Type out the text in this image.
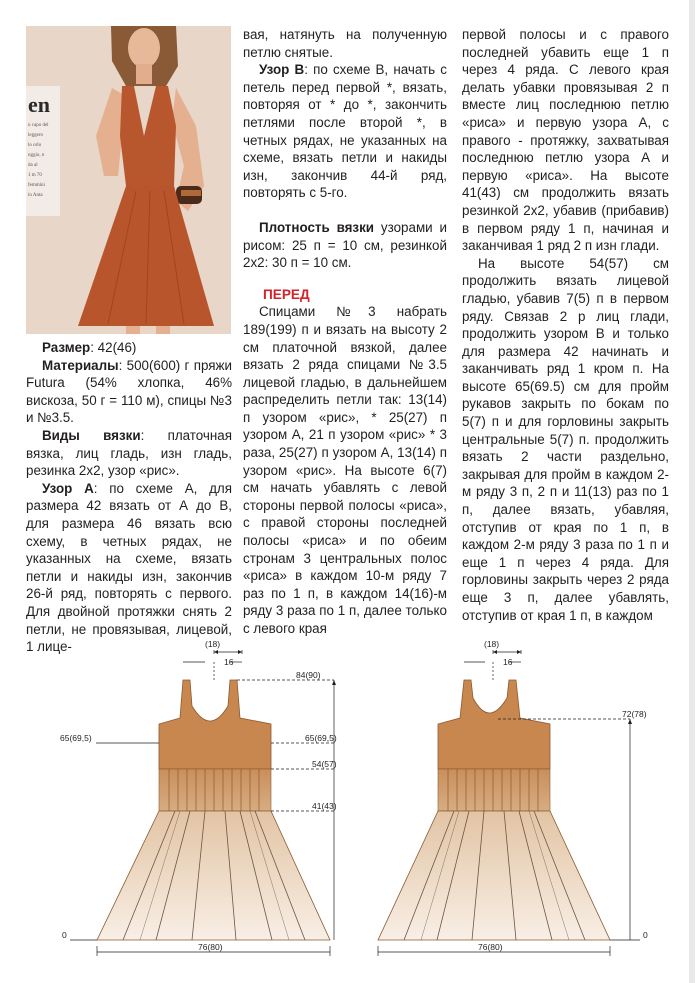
en
u capo del
leggero
lo orlo
nggio, n
da al
1 m 70
femmini
in Anta

Размер: 42(46)

Материалы: 500(600) г пряжи Futura (54% хлопка, 46% вискоза, 50 г = 110 м), спицы №3 и №3.5.

Виды вязки: платочная вязка, лиц гладь, изн гладь, резинка 2х2, узор «рис».

Узор А: по схеме А, для размера 42 вязать от А до В, для размера 46 вязать всю схему, в четных рядах, не указанных на схеме, вязать петли и накиды изн, закончив 26-й ряд, повторять с первого. Для двойной протяжки снять 2 петли, не провязывая, лицевой, 1 лице-

вая, натянуть на полученную петлю снятые.

Узор В: по схеме В, начать с петель перед первой *, вязать, повторяя от * до *, закончить петлями после второй *, в четных рядах, не указанных на схеме, вязать петли и накиды изн, закончив 44-й ряд, повторять с 5-го.

Плотность вязки узорами и рисом: 25 п = 10 см, резинкой 2х2: 30 п = 10 см.

ПЕРЕД

Спицами №3 набрать 189(199) п и вязать на высоту 2 см платочной вязкой, далее вязать 2 ряда спицами №3.5 лицевой гладью, в дальнейшем распределить петли так: 13(14) п узором «рис», * 25(27) п узором А, 21 п узором «рис» * 3 раза, 25(27) п узором А, 13(14) п узором «рис». На высоте 6(7) см начать убавлять с левой стороны первой полосы «риса», с правой стороны последней полосы «риса» и по обеим стронам 3 центральных полос «риса» в каждом 10-м ряду 7 раз по 1 п, в каждом 14(16)-м ряду 3 раза по 1 п, далее только с левого края

первой полосы и с правого последней убавить еще 1 п через 4 ряда. С левого края делать убавки провязывая 2 п вместе лиц последнюю петлю «риса» и первую узора А, с правого - протяжку, захватывая последнюю петлю узора А и первую «риса». На высоте 41(43) см продолжить вязать резинкой 2х2, убавив (прибавив) в первом ряду 1 п, начиная и заканчивая 1 ряд 2 п изн глади.

На высоте 54(57) см продолжить вязать лицевой гладью, убавив 7(5) п в первом ряду. Связав 2 р лиц глади, продолжить узором В и только для размера 42 начинать и заканчивать ряд 1 кром п. На высоте 65(69.5) см для пройм рукавов закрыть по бокам по 5(7) п и для горловины закрыть центральные 5(7) п. продолжить вязать 2 части раздельно, закрывая для пройм в каждом 2-м ряду 3 п, 2 п и 11(13) раз по 1 п, далее вязать, убавляя, отступив от края по 1 п, в каждом 2-м ряду 3 раза по 1 п и еще 1 п через 4 ряда. Для горловины закрыть через 2 ряда еще 3 п, далее убавлять, отступив от края 1 п, в каждом

(18)
16
84(90)
65(69,5)	65(69,5)
54(57)
41(43)
0
76(80)
(18)
16
72(78)
0
76(80)
